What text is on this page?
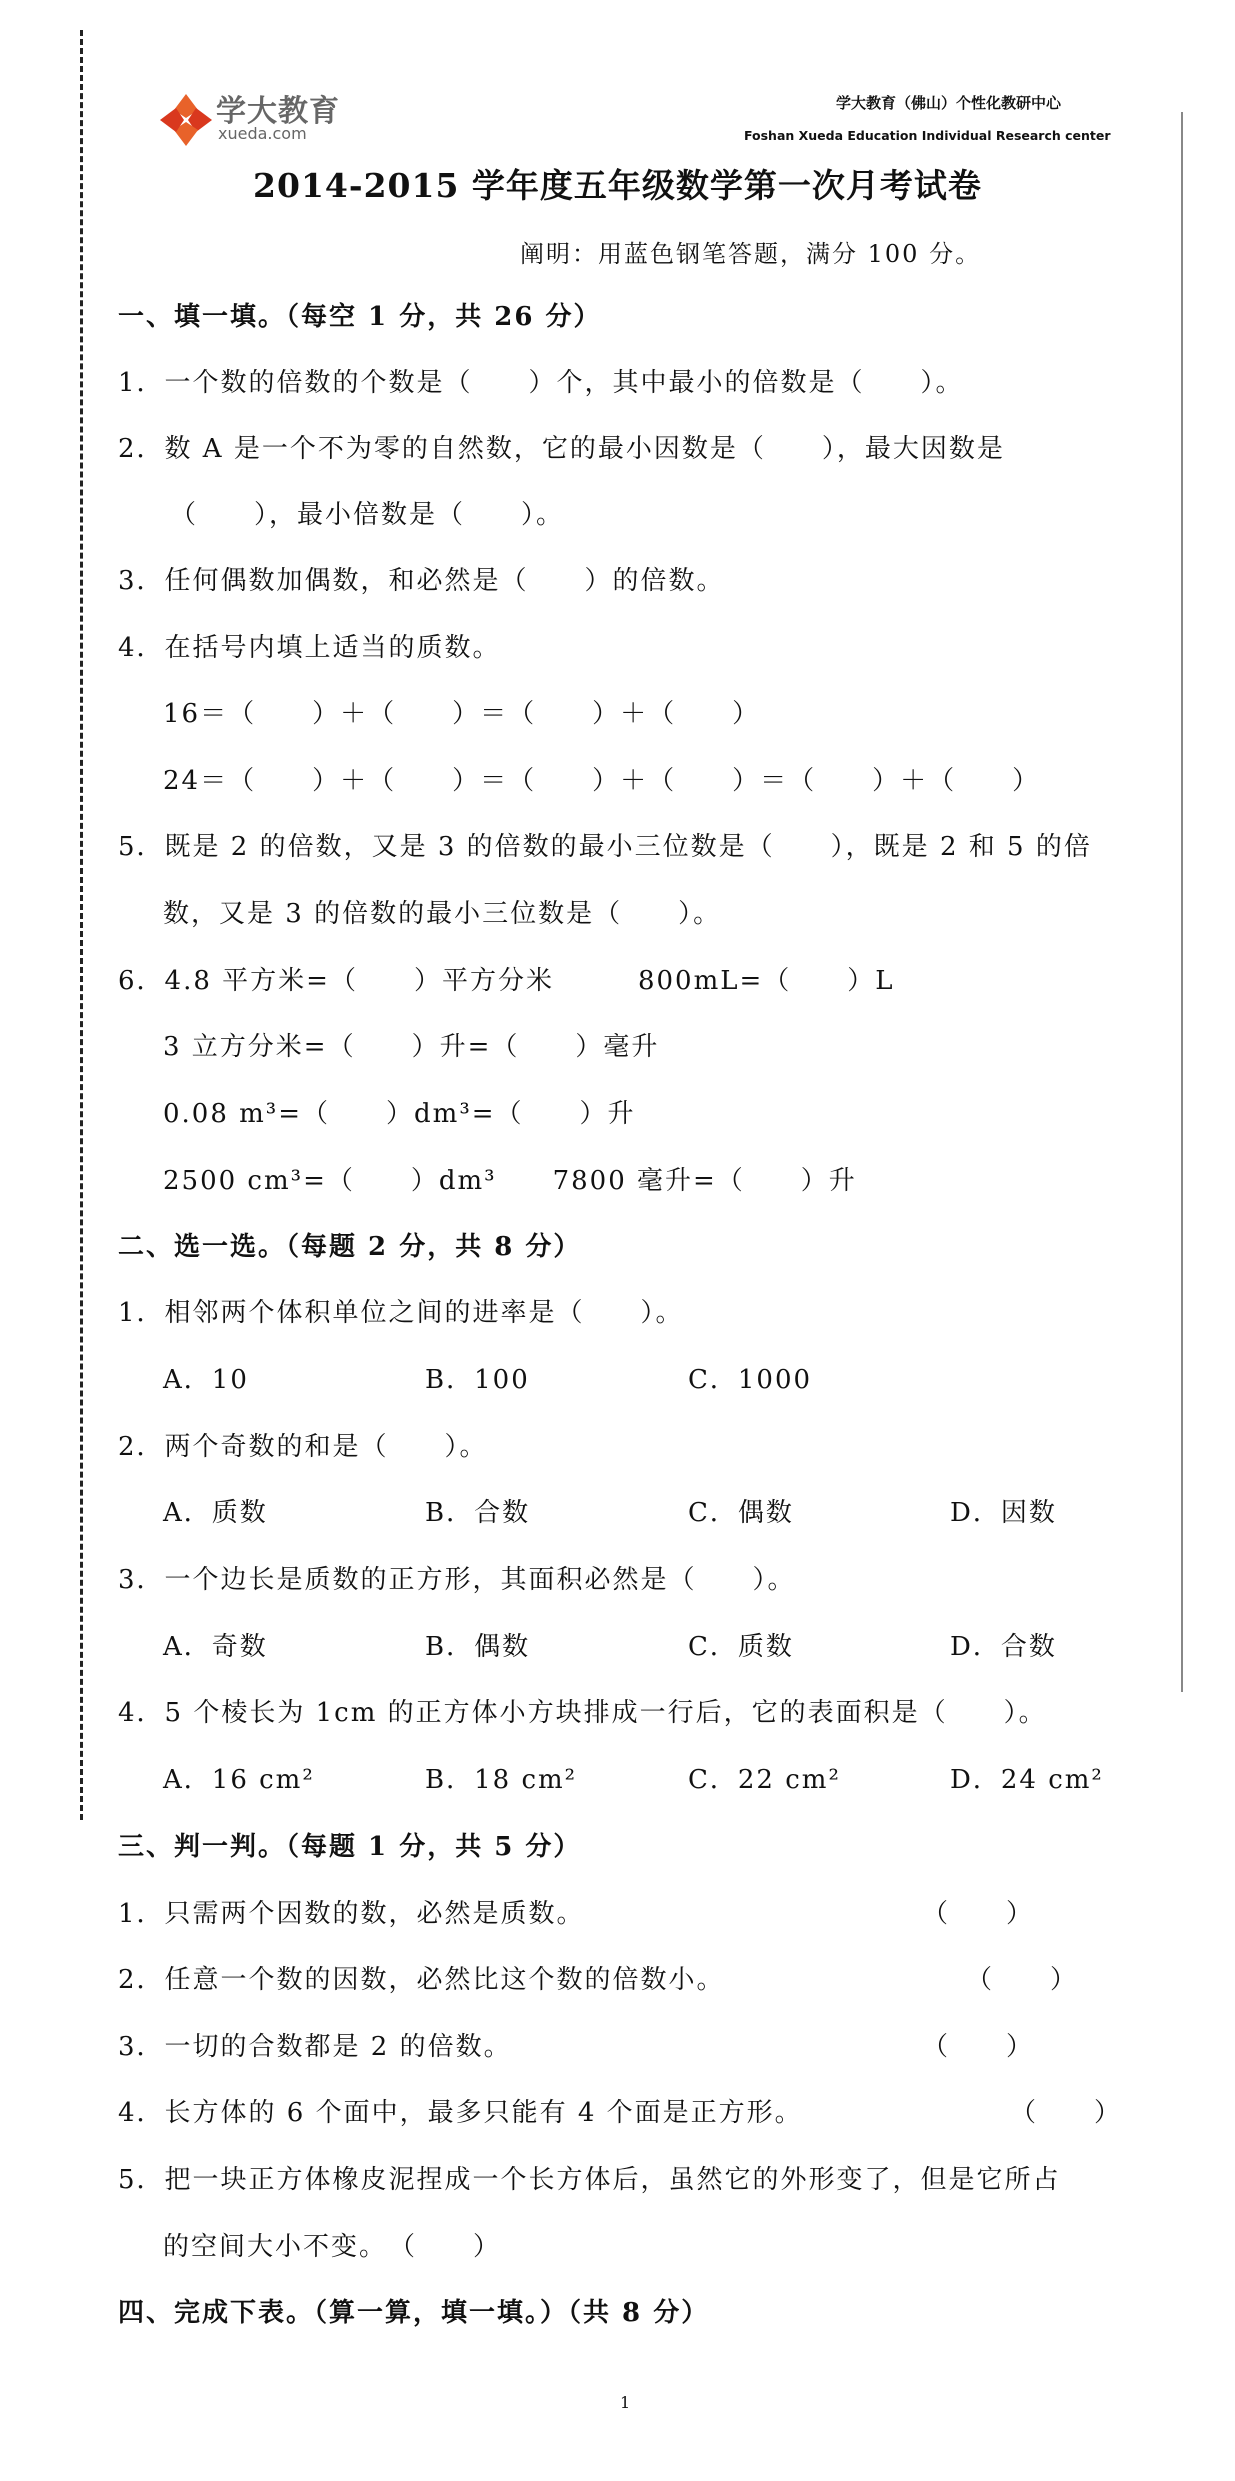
学大教育
xueda.com
学大教育（佛山）个性化教研中心
Foshan Xueda Education Individual Research center
2014-2015 学年度五年级数学第一次月考试卷
阐明：用蓝色钢笔答题，满分 100 分。
一、填一填。（每空 1 分，共 26 分）
1．一个数的倍数的个数是（　　）个，其中最小的倍数是（　　）。
2．数 A 是一个不为零的自然数，它的最小因数是（　　），最大因数是
（　　），最小倍数是（　　）。
3．任何偶数加偶数，和必然是（　　）的倍数。
4．在括号内填上适当的质数。
16＝（　　）＋（　　）＝（　　）＋（　　）
24＝（　　）＋（　　）＝（　　）＋（　　）＝（　　）＋（　　）
5．既是 2 的倍数，又是 3 的倍数的最小三位数是（　　），既是 2 和 5 的倍
数，又是 3 的倍数的最小三位数是（　　）。
6．4.8 平方米=（　　）平方分米　　　800mL=（　　）L
3 立方分米=（　　）升=（　　）毫升
0.08 m³=（　　）dm³=（　　）升
2500 cm³=（　　）dm³　　7800 毫升=（　　）升
二、选一选。（每题 2 分，共 8 分）
1．相邻两个体积单位之间的进率是（　　）。
A．10	B．100	C．1000
2．两个奇数的和是（　　）。
A．质数	B．合数	C．偶数	D．因数
3．一个边长是质数的正方形，其面积必然是（　　）。
A．奇数	B．偶数	C．质数	D．合数
4．5 个棱长为 1cm 的正方体小方块排成一行后，它的表面积是（　　）。
A．16 cm²	B．18 cm²	C．22 cm²	D．24 cm²
三、判一判。（每题 1 分，共 5 分）
1．只需两个因数的数，必然是质数。	（　　）
2．任意一个数的因数，必然比这个数的倍数小。	（　　）
3．一切的合数都是 2 的倍数。	（　　）
4．长方体的 6 个面中，最多只能有 4 个面是正方形。	（　　）
5．把一块正方体橡皮泥捏成一个长方体后，虽然它的外形变了，但是它所占
的空间大小不变。　（　　）
四、完成下表。（算一算，填一填。）（共 8 分）
1
